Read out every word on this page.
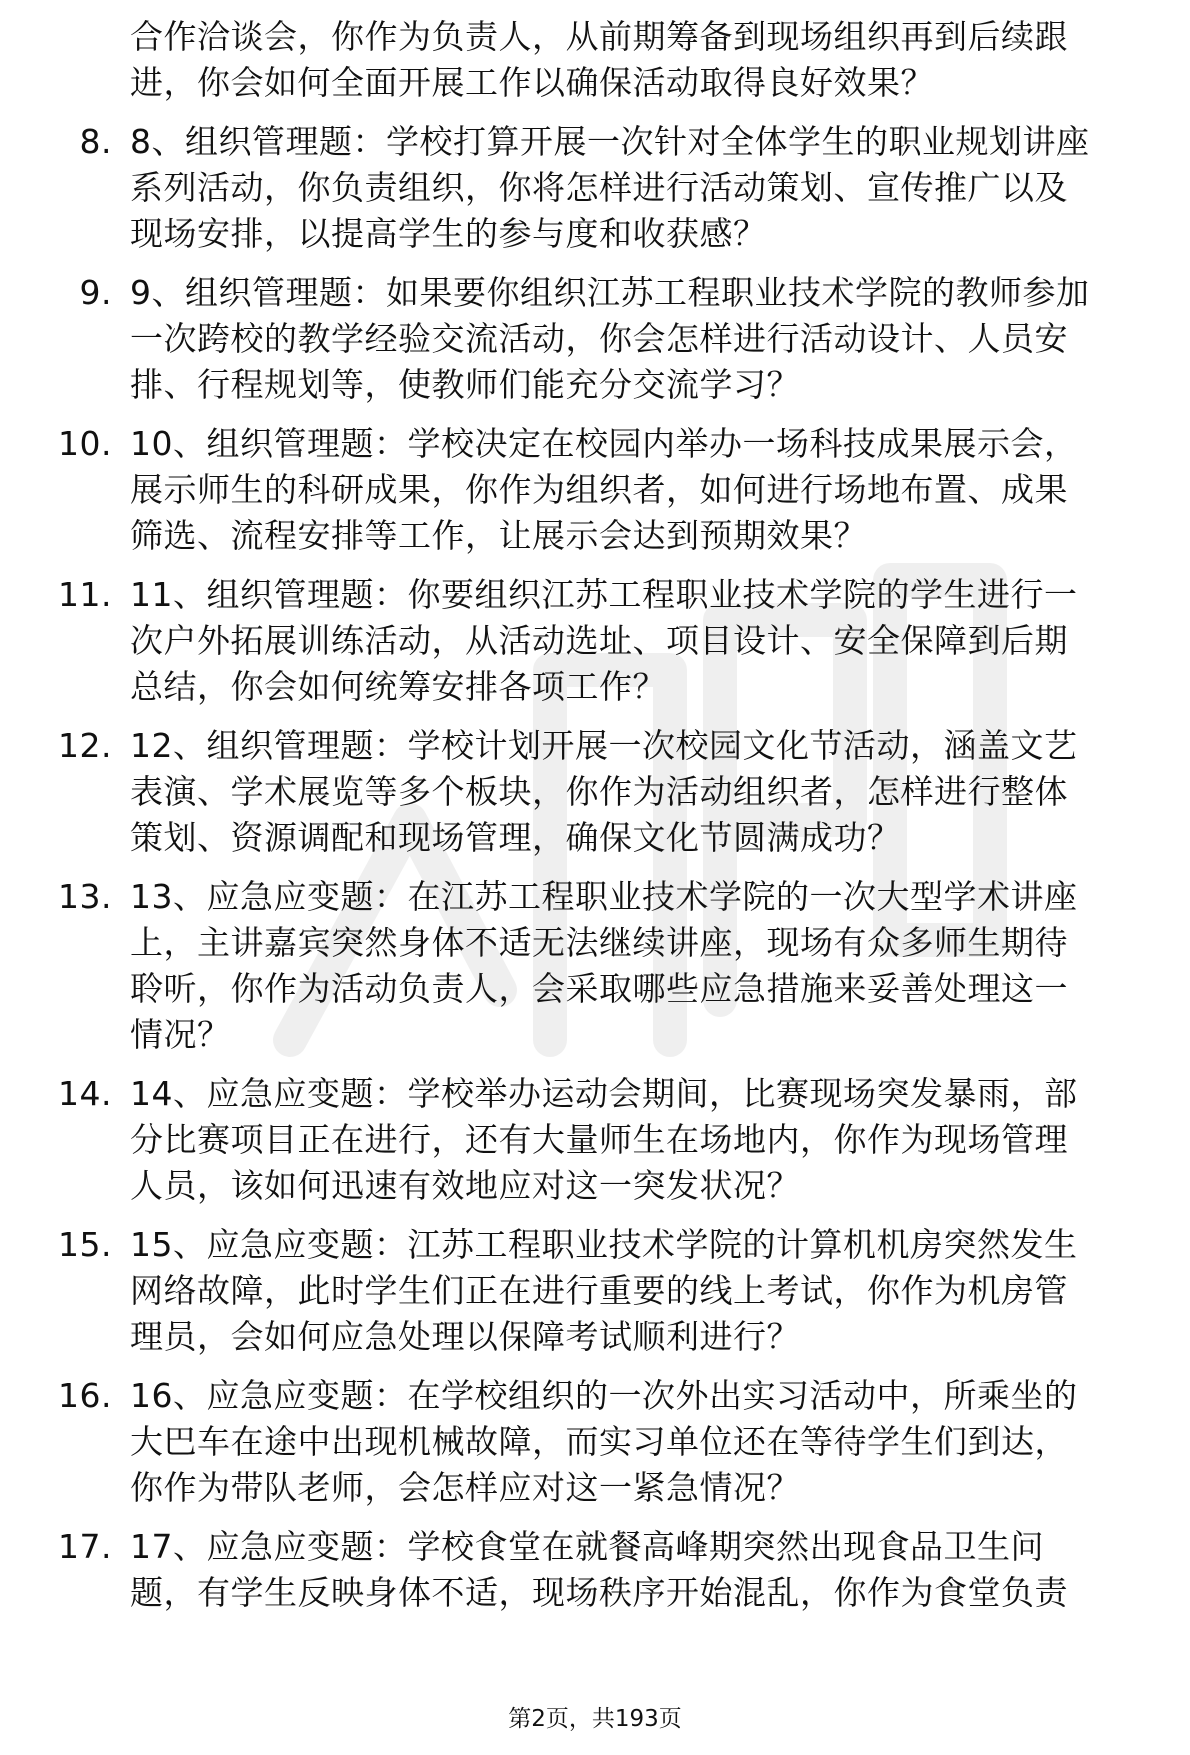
合作洽谈会，你作为负责人，从前期筹备到现场组织再到后续跟
进，你会如何全面开展工作以确保活动取得良好效果？
8. 8、组织管理题：学校打算开展一次针对全体学生的职业规划讲座
系列活动，你负责组织，你将怎样进行活动策划、宣传推广以及
现场安排，以提高学生的参与度和收获感？
9. 9、组织管理题：如果要你组织江苏工程职业技术学院的教师参加
一次跨校的教学经验交流活动，你会怎样进行活动设计、人员安
排、行程规划等，使教师们能充分交流学习？
10. 10、组织管理题：学校决定在校园内举办一场科技成果展示会，
展示师生的科研成果，你作为组织者，如何进行场地布置、成果
筛选、流程安排等工作，让展示会达到预期效果？
11. 11、组织管理题：你要组织江苏工程职业技术学院的学生进行一
次户外拓展训练活动，从活动选址、项目设计、安全保障到后期
总结，你会如何统筹安排各项工作？
12. 12、组织管理题：学校计划开展一次校园文化节活动，涵盖文艺
表演、学术展览等多个板块，你作为活动组织者，怎样进行整体
策划、资源调配和现场管理，确保文化节圆满成功？
13. 13、应急应变题：在江苏工程职业技术学院的一次大型学术讲座
上，主讲嘉宾突然身体不适无法继续讲座，现场有众多师生期待
聆听，你作为活动负责人，会采取哪些应急措施来妥善处理这一
情况？
14. 14、应急应变题：学校举办运动会期间，比赛现场突发暴雨，部
分比赛项目正在进行，还有大量师生在场地内，你作为现场管理
人员，该如何迅速有效地应对这一突发状况？
15. 15、应急应变题：江苏工程职业技术学院的计算机机房突然发生
网络故障，此时学生们正在进行重要的线上考试，你作为机房管
理员，会如何应急处理以保障考试顺利进行？
16. 16、应急应变题：在学校组织的一次外出实习活动中，所乘坐的
大巴车在途中出现机械故障，而实习单位还在等待学生们到达，
你作为带队老师，会怎样应对这一紧急情况？
17. 17、应急应变题：学校食堂在就餐高峰期突然出现食品卫生问
题，有学生反映身体不适，现场秩序开始混乱，你作为食堂负责
第2页，共193页
